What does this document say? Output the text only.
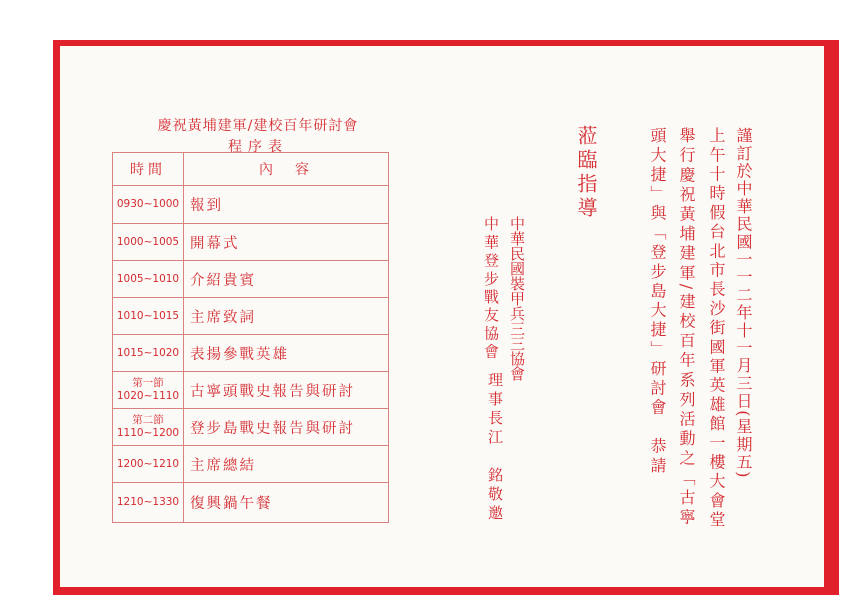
慶祝黃埔建軍/建校百年研討會
程序表
時間	內　容
0930~1000	報到
1000~1005	開幕式
1005~1010	介紹貴賓
1010~1015	主席致詞
1015~1020	表揚參戰英雄
第一節
1020~1110	古寧頭戰史報告與研討
第二節
1110~1200	登步島戰史報告與研討
1200~1210	主席總結
1210~1330	復興鍋午餐
謹訂於中華民國一一二年十一月三日(星期五)
上午十時假台北市長沙街國軍英雄館一樓大會堂
舉行慶祝黃埔建軍/建校百年系列活動之「古寧
頭大捷」與「登步島大捷」研討會　恭請
蒞臨指導
中華民國裝甲兵三三協會
中華登步戰友協會
理事長江　銘敬邀
